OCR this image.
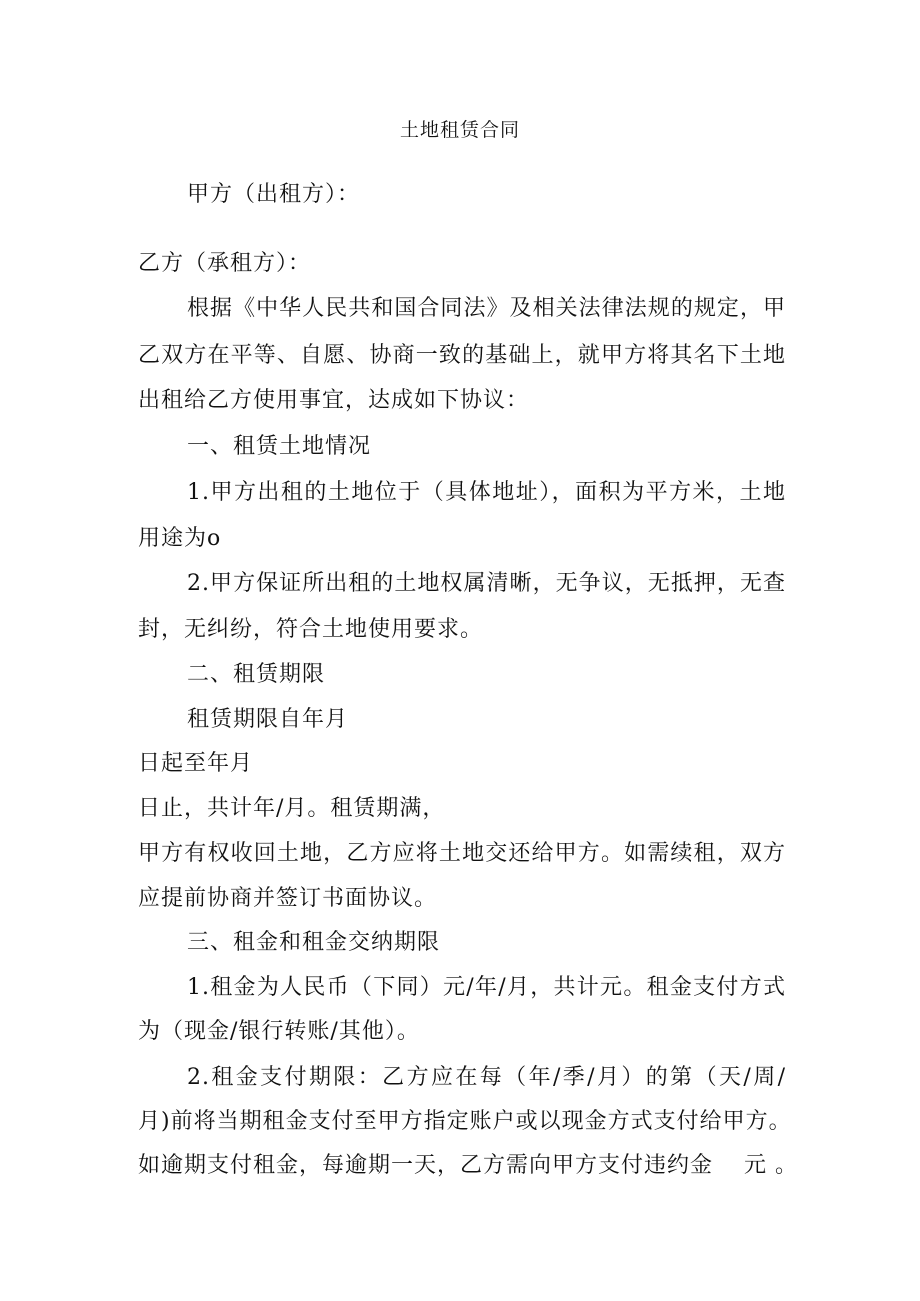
土地租赁合同
甲方（出租方）：
乙方（承租方）：
根据《中华人民共和国合同法》及相关法律法规的规定，甲
乙双方在平等、自愿、协商一致的基础上，就甲方将其名下土地
出租给乙方使用事宜，达成如下协议：
一、租赁土地情况
1.甲方出租的土地位于（具体地址），面积为平方米，土地
用途为o
2.甲方保证所出租的土地权属清晰，无争议，无抵押，无查
封，无纠纷，符合土地使用要求。
二、租赁期限
租赁期限自年月
日起至年月
日止，共计年/月。租赁期满，
甲方有权收回土地，乙方应将土地交还给甲方。如需续租，双方
应提前协商并签订书面协议。
三、租金和租金交纳期限
1.租金为人民币（下同）元/年/月，共计元。租金支付方式
为（现金/银行转账/其他）。
2.租金支付期限：乙方应在每（年/季/月）的第（天/周/
月)前将当期租金支付至甲方指定账户或以现金方式支付给甲方。
如逾期支付租金，每逾期一天，乙方需向甲方支付违约金　 元 。
